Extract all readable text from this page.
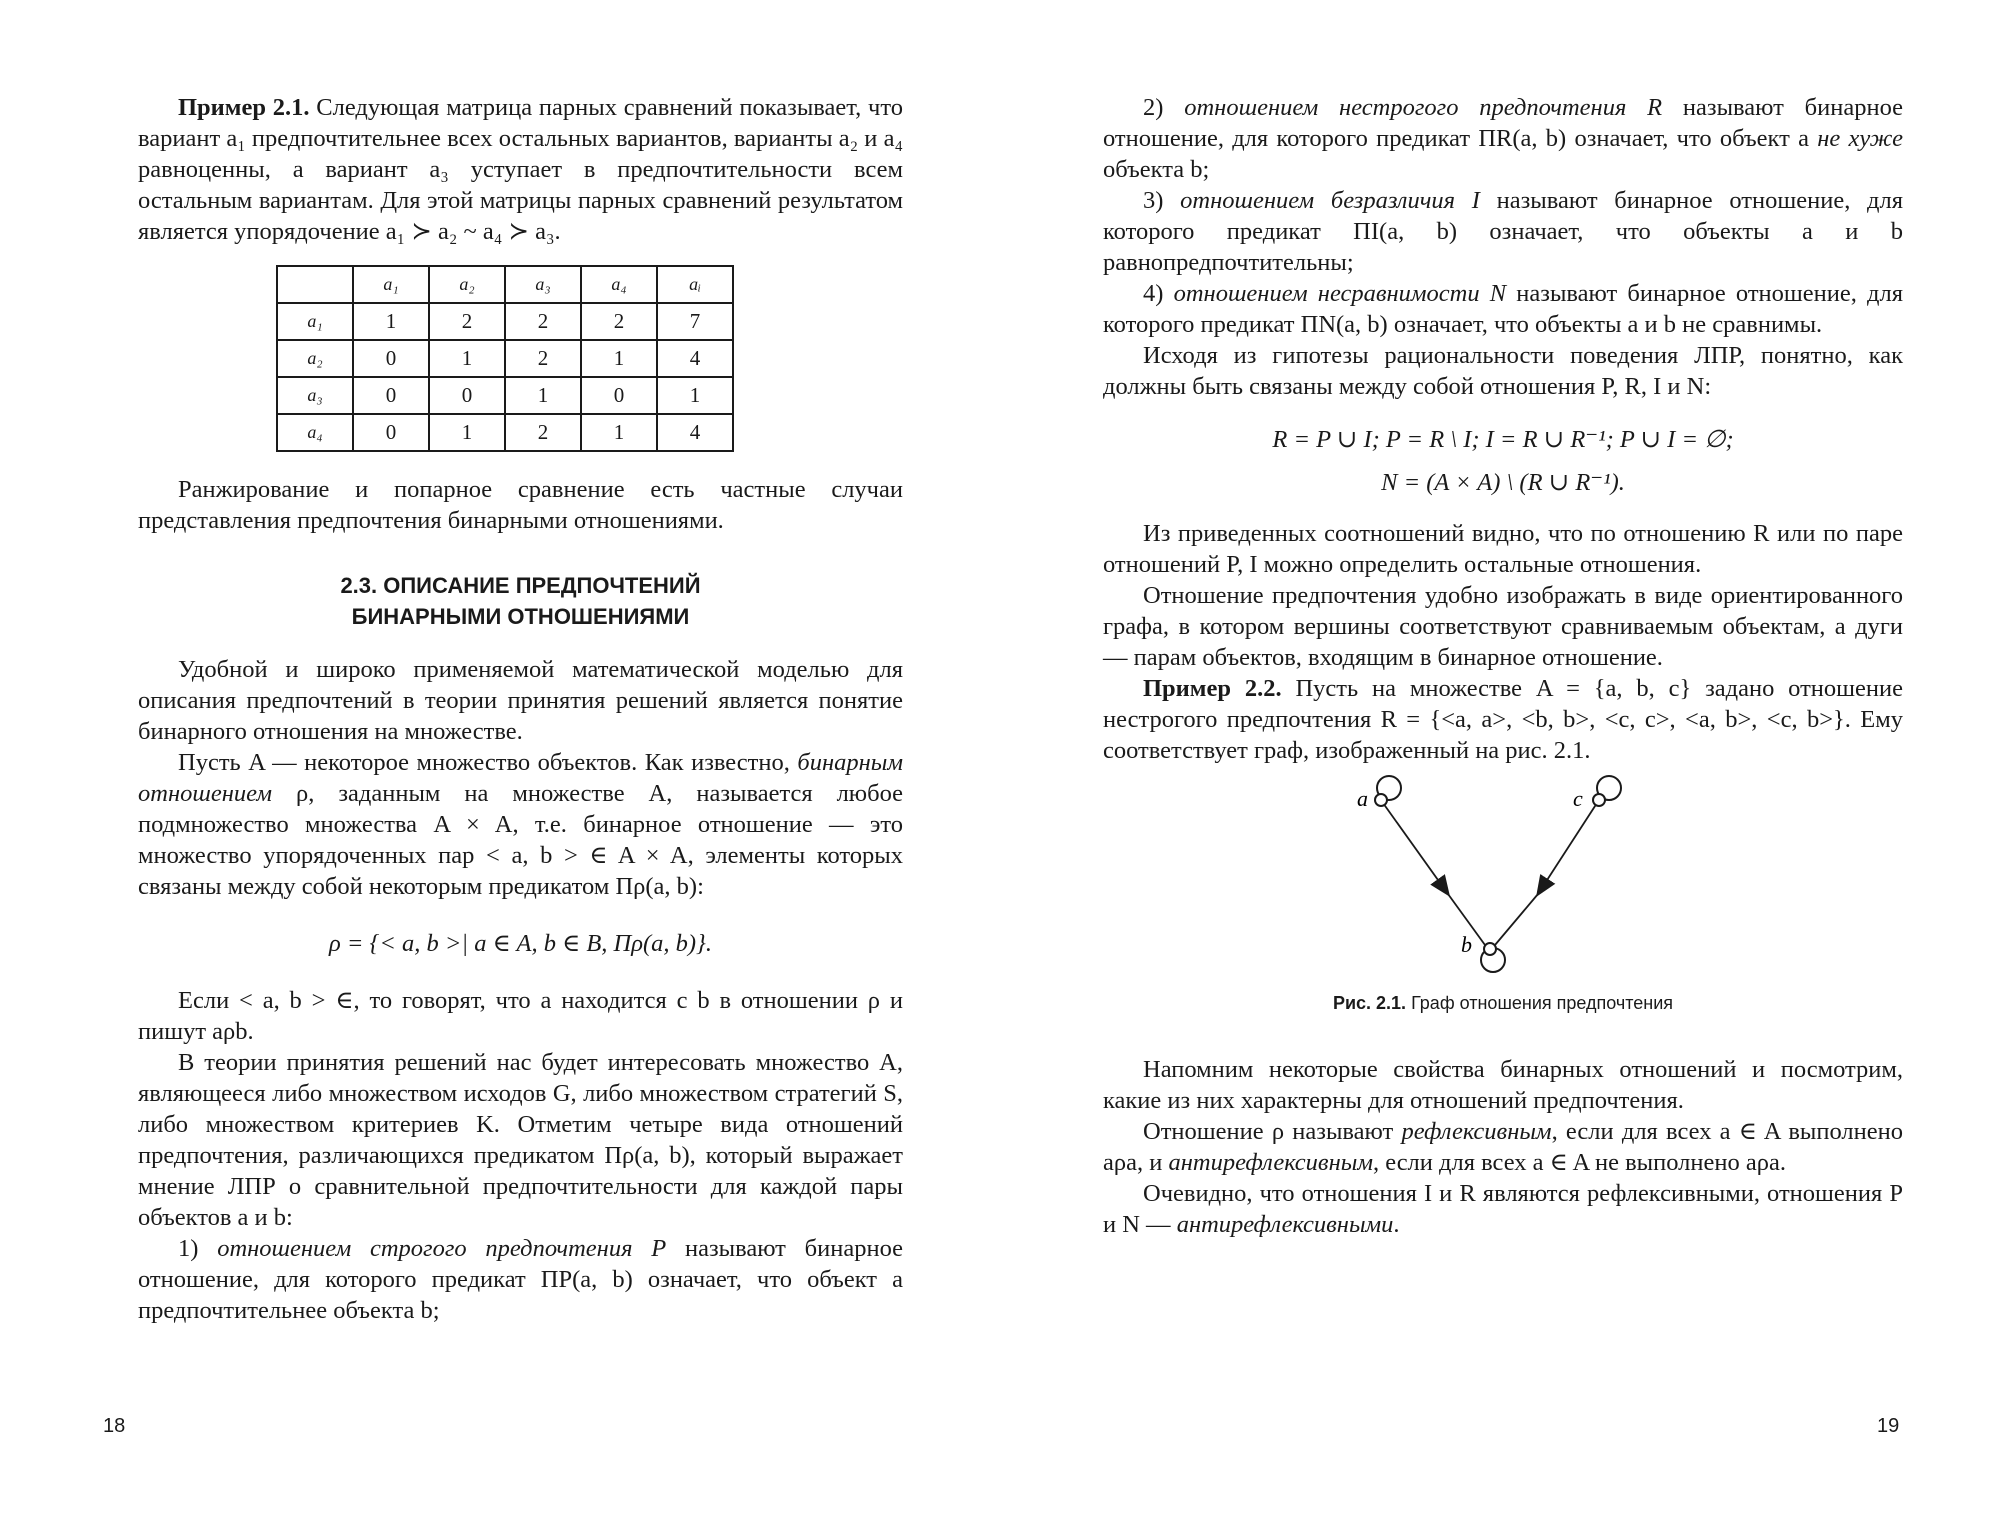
Пример 2.1. Следующая матрица парных сравнений показывает, что вариант a₁ предпочтительнее всех остальных вариантов, варианты a₂ и a₄ равноценны, а вариант a₃ уступает в предпочтительности всем остальным вариантам. Для этой матрицы парных сравнений результатом является упорядочение a₁ ≻ a₂ ~ a₄ ≻ a₃.

	a₁	a₂	a₃	a₄	aᵢ
a₁	1	2	2	2	7
a₂	0	1	2	1	4
a₃	0	0	1	0	1
a₄	0	1	2	1	4

Ранжирование и попарное сравнение есть частные случаи представления предпочтения бинарными отношениями.

2.3. ОПИСАНИЕ ПРЕДПОЧТЕНИЙ
БИНАРНЫМИ ОТНОШЕНИЯМИ

Удобной и широко применяемой математической моделью для описания предпочтений в теории принятия решений является понятие бинарного отношения на множестве.

Пусть A — некоторое множество объектов. Как известно, бинарным отношением ρ, заданным на множестве A, называется любое подмножество множества A × A, т.е. бинарное отношение — это множество упорядоченных пар < a, b > ∈ A × A, элементы которых связаны между собой некоторым предикатом Πρ(a, b):

ρ = {< a, b >| a ∈ A, b ∈ B, Πρ(a, b)}.

Если < a, b > ∈, то говорят, что a находится с b в отношении ρ и пишут aρb.

В теории принятия решений нас будет интересовать множество A, являющееся либо множеством исходов G, либо множеством стратегий S, либо множеством критериев K. Отметим четыре вида отношений предпочтения, различающихся предикатом Πρ(a, b), который выражает мнение ЛПР о сравнительной предпочтительности для каждой пары объектов a и b:

1) отношением строгого предпочтения P называют бинарное отношение, для которого предикат ΠP(a, b) означает, что объект a предпочтительнее объекта b;

18

2) отношением нестрогого предпочтения R называют бинарное отношение, для которого предикат ΠR(a, b) означает, что объект a не хуже объекта b;

3) отношением безразличия I называют бинарное отношение, для которого предикат ΠI(a, b) означает, что объекты a и b равнопредпочтительны;

4) отношением несравнимости N называют бинарное отношение, для которого предикат ΠN(a, b) означает, что объекты a и b не сравнимы.

Исходя из гипотезы рациональности поведения ЛПР, понятно, как должны быть связаны между собой отношения P, R, I и N:

R = P ∪ I; P = R \ I; I = R ∪ R⁻¹; P ∪ I = ∅;
N = (A × A) \ (R ∪ R⁻¹).

Из приведенных соотношений видно, что по отношению R или по паре отношений P, I можно определить остальные отношения.

Отношение предпочтения удобно изображать в виде ориентированного графа, в котором вершины соответствуют сравниваемым объектам, а дуги — парам объектов, входящим в бинарное отношение.

Пример 2.2. Пусть на множестве A = {a, b, c} задано отношение нестрогого предпочтения R = {<a, a>, <b, b>, <c, c>, <a, b>, <c, b>}. Ему соответствует граф, изображенный на рис. 2.1.

a	c
b
Рис. 2.1. Граф отношения предпочтения

Напомним некоторые свойства бинарных отношений и посмотрим, какие из них характерны для отношений предпочтения.

Отношение ρ называют рефлексивным, если для всех a ∈ A выполнено aρa, и антирефлексивным, если для всех a ∈ A не выполнено aρa.

Очевидно, что отношения I и R являются рефлексивными, отношения P и N — антирефлексивными.

19
